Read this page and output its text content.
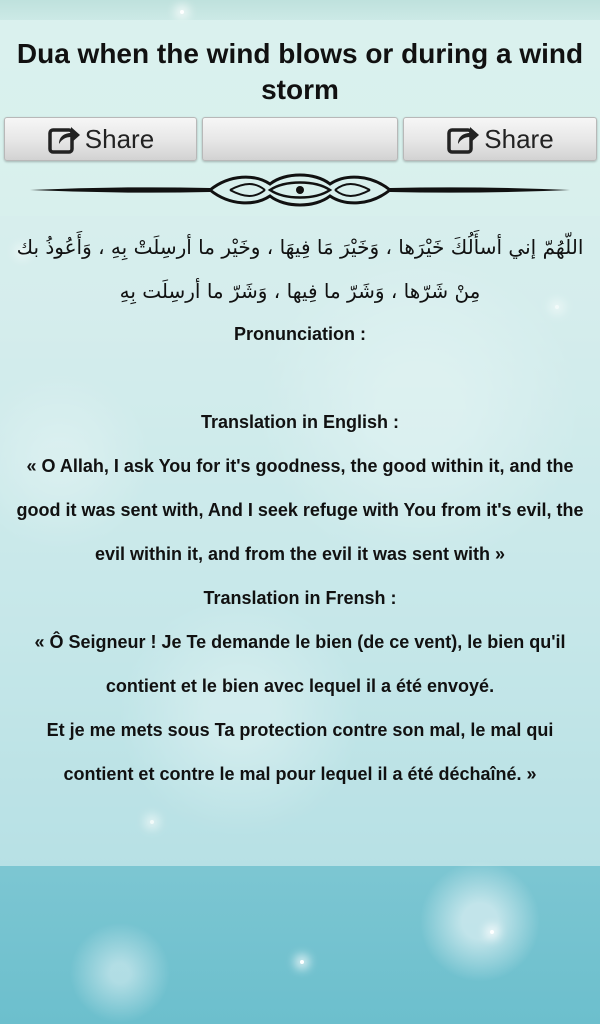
Dua when the wind blows or during a wind storm
Share	Share
اللّهُمّ إني أسأَلُكَ خَيْرَها ، وَخَيْرَ مَا فِيهَا ، وخَيْر ما أرسِلَتْ بِهِ ، وَأَعُوذُ بك مِنْ شَرّها ، وَشَرّ ما فِيها ، وَشَرّ ما أرسِلَت بِهِ
Pronunciation :
Translation in English :
« O Allah, I ask You for it's goodness, the good within it, and the good it was sent with, And I seek refuge with You from it's evil, the evil within it, and from the evil it was sent with »
Translation in Frensh :
« Ô Seigneur ! Je Te demande le bien (de ce vent), le bien qu'il contient et le bien avec lequel il a été envoyé.
Et je me mets sous Ta protection contre son mal, le mal qui contient et contre le mal pour lequel il a été déchaîné. »
